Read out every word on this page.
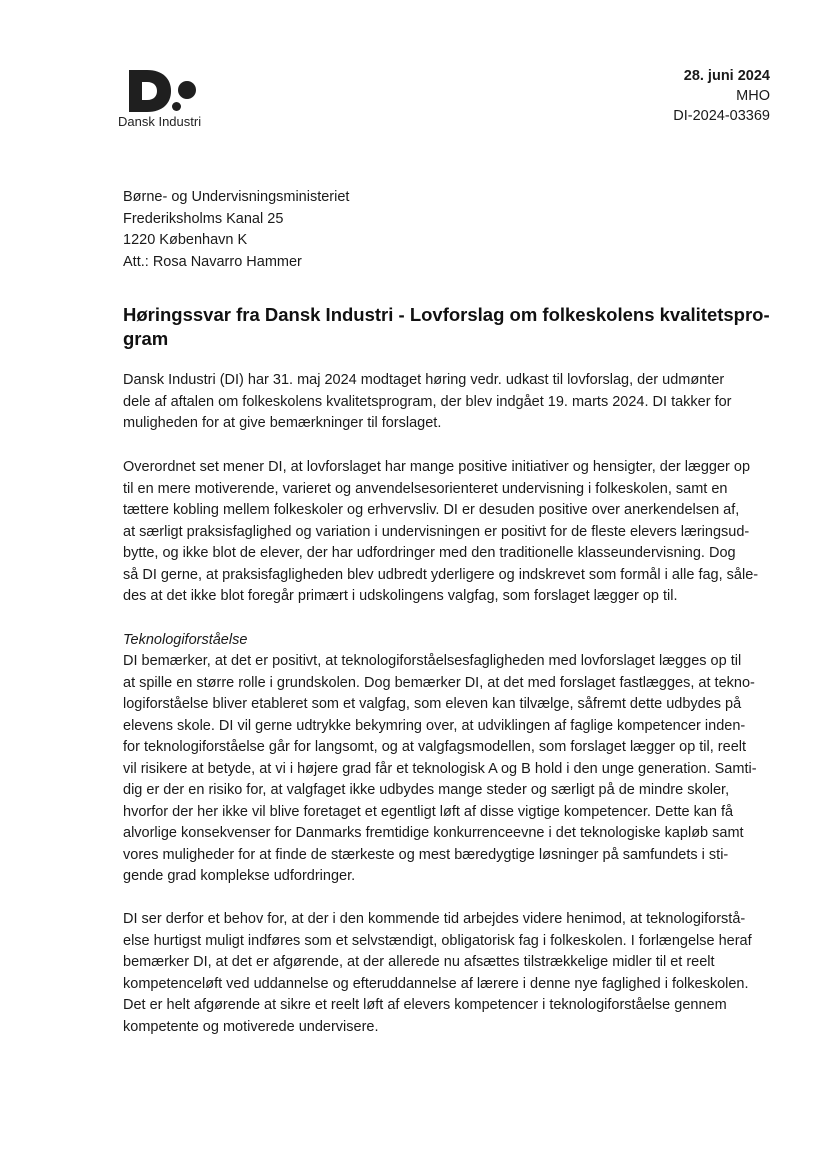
Dansk Industri
28. juni 2024
MHO
DI-2024-03369
Børne- og Undervisningsministeriet
Frederiksholms Kanal 25
1220 København K
Att.: Rosa Navarro Hammer
Høringssvar fra Dansk Industri - Lovforslag om folkeskolens kvalitetspro-
gram

Dansk Industri (DI) har 31. maj 2024 modtaget høring vedr. udkast til lovforslag, der udmønter
dele af aftalen om folkeskolens kvalitetsprogram, der blev indgået 19. marts 2024. DI takker for
muligheden for at give bemærkninger til forslaget.

Overordnet set mener DI, at lovforslaget har mange positive initiativer og hensigter, der lægger op
til en mere motiverende, varieret og anvendelsesorienteret undervisning i folkeskolen, samt en
tættere kobling mellem folkeskoler og erhvervsliv. DI er desuden positive over anerkendelsen af,
at særligt praksisfaglighed og variation i undervisningen er positivt for de fleste elevers læringsud-
bytte, og ikke blot de elever, der har udfordringer med den traditionelle klasseundervisning. Dog
så DI gerne, at praksisfagligheden blev udbredt yderligere og indskrevet som formål i alle fag, såle-
des at det ikke blot foregår primært i udskolingens valgfag, som forslaget lægger op til.

Teknologiforståelse

DI bemærker, at det er positivt, at teknologiforståelsesfagligheden med lovforslaget lægges op til
at spille en større rolle i grundskolen. Dog bemærker DI, at det med forslaget fastlægges, at tekno-
logiforståelse bliver etableret som et valgfag, som eleven kan tilvælge, såfremt dette udbydes på
elevens skole. DI vil gerne udtrykke bekymring over, at udviklingen af faglige kompetencer inden-
for teknologiforståelse går for langsomt, og at valgfagsmodellen, som forslaget lægger op til, reelt
vil risikere at betyde, at vi i højere grad får et teknologisk A og B hold i den unge generation. Samti-
dig er der en risiko for, at valgfaget ikke udbydes mange steder og særligt på de mindre skoler,
hvorfor der her ikke vil blive foretaget et egentligt løft af disse vigtige kompetencer. Dette kan få
alvorlige konsekvenser for Danmarks fremtidige konkurrenceevne i det teknologiske kapløb samt
vores muligheder for at finde de stærkeste og mest bæredygtige løsninger på samfundets i sti-
gende grad komplekse udfordringer.

DI ser derfor et behov for, at der i den kommende tid arbejdes videre henimod, at teknologiforstå-
else hurtigst muligt indføres som et selvstændigt, obligatorisk fag i folkeskolen. I forlængelse heraf
bemærker DI, at det er afgørende, at der allerede nu afsættes tilstrækkelige midler til et reelt
kompetenceløft ved uddannelse og efteruddannelse af lærere i denne nye faglighed i folkeskolen.
Det er helt afgørende at sikre et reelt løft af elevers kompetencer i teknologiforståelse gennem
kompetente og motiverede undervisere.
